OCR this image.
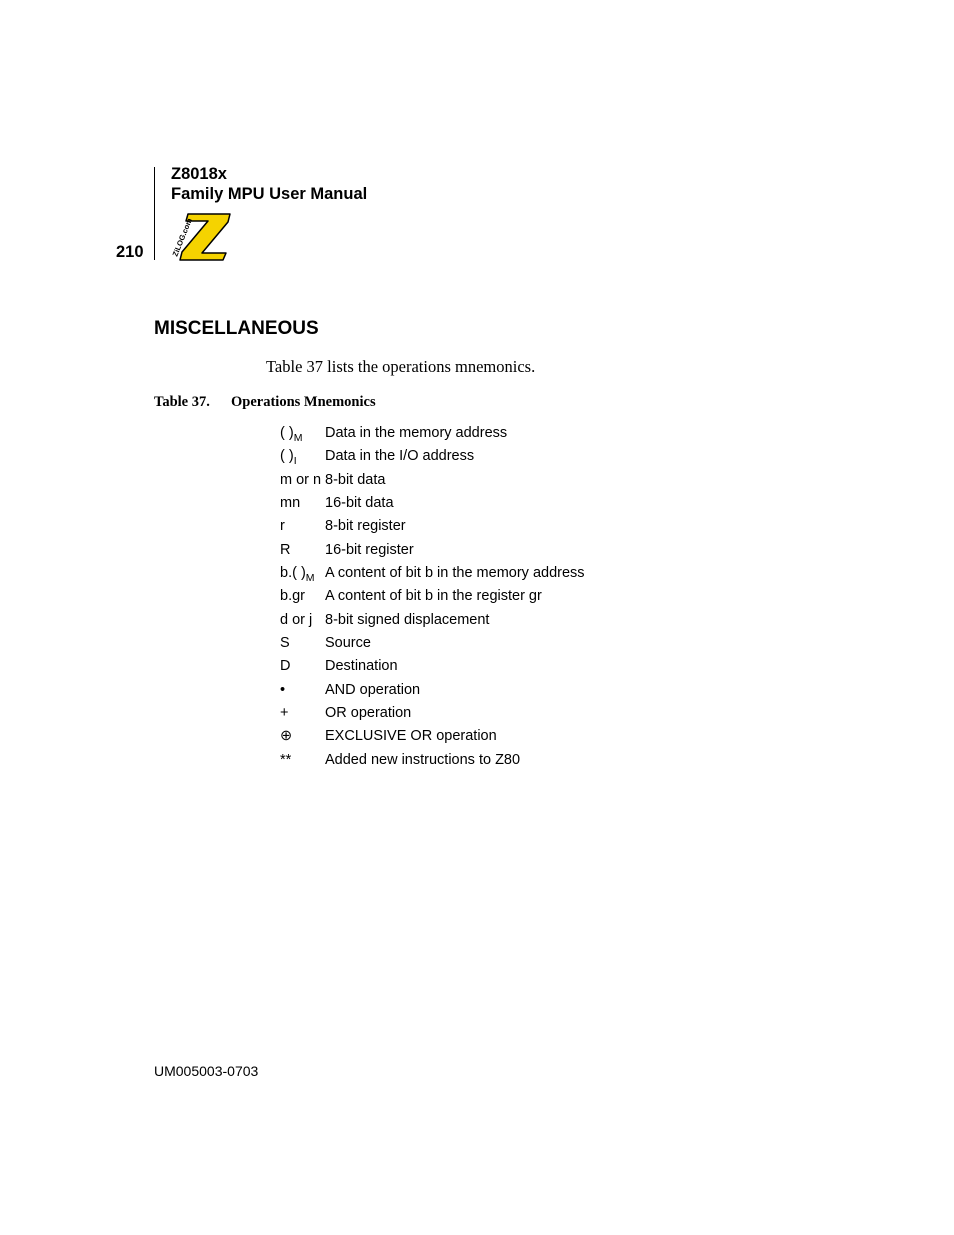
Z8018x
Family MPU User Manual
210	ZiLOG.com
MISCELLANEOUS
Table 37 lists the operations mnemonics.
Table 37. Operations Mnemonics
( )$_M$ Data in the memory address
( )$_I$ Data in the I/O address
m or n 8-bit data
mn 16-bit data
r	8-bit register
R 16-bit register
b.( )$_M$ A content of bit b in the memory address
b.gr A content of bit b in the register gr
d or j 8-bit signed displacement
S Source
D Destination
•	AND operation
+	OR operation
⊕ EXCLUSIVE OR operation
** Added new instructions to Z80
UM005003-0703
